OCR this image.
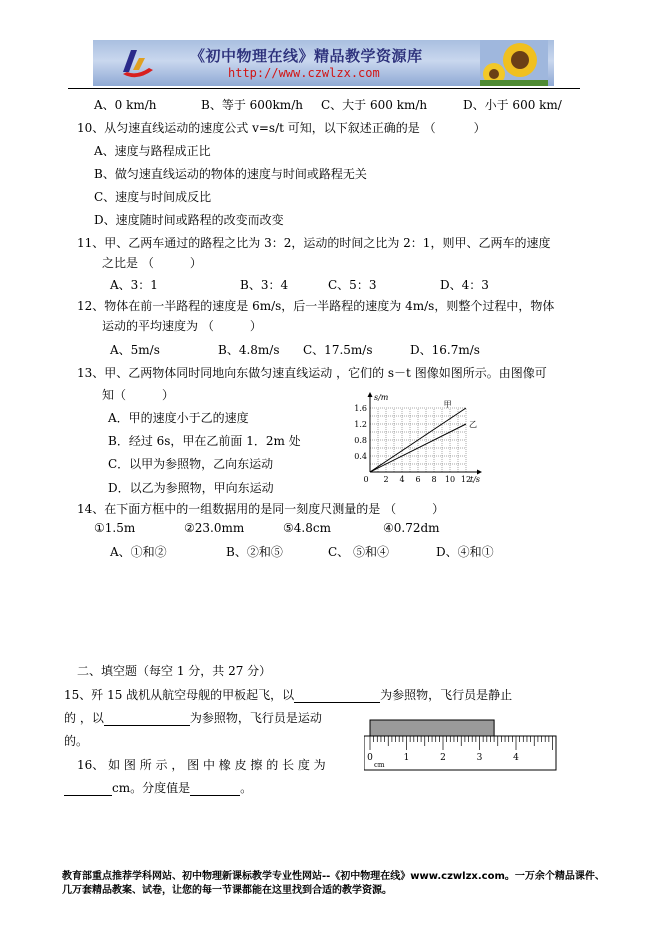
《初中物理在线》精品教学资源库
http://www.czwlzx.com
A、0 km/h	B、等于 600km/h C、大于 600 km/h	D、小于 600 km/
10、从匀速直线运动的速度公式 v=s/t 可知，以下叙述正确的是 （	）
A、速度与路程成正比
B、做匀速直线运动的物体的速度与时间或路程无关
C、速度与时间成反比
D、速度随时间或路程的改变而改变
11、甲、乙两车通过的路程之比为 3：2，运动的时间之比为 2：1，则甲、乙两车的速度
之比是 （　　　）
A、3：1	B、3：4	C、5：3	D、4：3
12、物体在前一半路程的速度是 6m/s，后一半路程的速度为 4m/s，则整个过程中，物体
运动的平均速度为 （　　　）
A、5m/s	B、4.8m/s C、17.5m/s	D、16.7m/s
13、甲、乙两物体同时同地向东做匀速直线运动 ，它们的 s－t 图像如图所示。由图像可
知（　　　）
A．甲的速度小于乙的速度
B．经过 6s，甲在乙前面 1．2m 处
C．以甲为参照物，乙向东运动
D．以乙为参照物，甲向东运动
1.6
1.2
0.8
0.4
0 2 4 6 8 10 12
s/m
t/s
甲
乙
14、在下面方框中的一组数据用的是同一刻度尺测量的是 （　　　）
①1.5m	②23.0mm	⑤4.8cm	④0.72dm
A、①和②	B、②和⑤	C、 ⑤和④	D、④和①
二、填空题（每空 1 分，共 27 分）
15、歼 15 战机从航空母舰的甲板起飞，以	为参照物，飞行员是静止
的 ，以	为参照物，飞行员是运动
的。
16、 如 图 所 示 ， 图 中 橡 皮 擦 的 长 度 为
cm。分度值是	。
0	1	2	3	4
cm
教育部重点推荐学科网站、初中物理新课标教学专业性网站--《初中物理在线》www.czwlzx.com。一万余个精品课件、
几万套精品教案、试卷，让您的每一节课都能在这里找到合适的教学资源。
